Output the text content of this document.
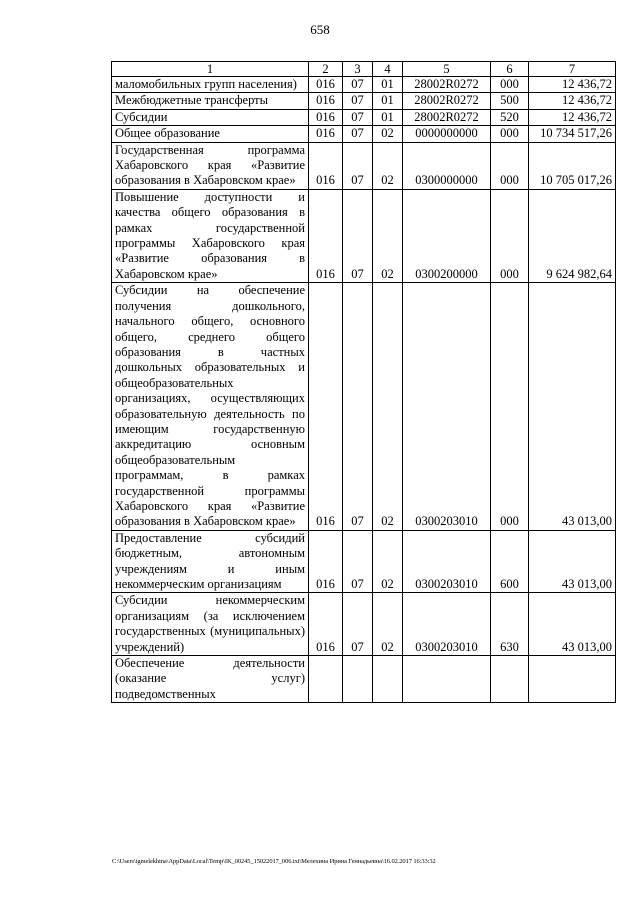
658
1	2	3	4	5	6	7
маломобильных групп населения)	016	07	01	28002R0272	000	12 436,72
Межбюджетные трансферты	016	07	01	28002R0272	500	12 436,72
Субсидии	016	07	01	28002R0272	520	12 436,72
Общее образование	016	07	02	0000000000	000	10 734 517,26
Государственная программа Хабаровского края «Развитие образования в Хабаровском крае»	016	07	02	0300000000	000	10 705 017,26
Повышение доступности и качества общего образования в рамках государственной программы Хабаровского края «Развитие образования в Хабаровском крае»	016	07	02	0300200000	000	9 624 982,64
Субсидии на обеспечение получения дошкольного, начального общего, основного общего, среднего общего образования в частных дошкольных образовательных и общеобразовательных организациях, осуществляющих образовательную деятельность по имеющим государственную аккредитацию основным общеобразовательным программам, в рамках государственной программы Хабаровского края «Развитие образования в Хабаровском крае»	016	07	02	0300203010	000	43 013,00
Предоставление субсидий бюджетным, автономным учреждениям и иным некоммерческим организациям	016	07	02	0300203010	600	43 013,00
Субсидии некоммерческим организациям (за исключением государственных (муниципальных) учреждений)	016	07	02	0300203010	630	43 013,00
Обеспечение деятельности (оказание услуг) подведомственных						
C:\Users\igmelekhina\AppData\Local\Temp\IK_00245_15022017_006.txt\Мелехина Ирина Геннадьевна\16.02.2017 16:33:32
